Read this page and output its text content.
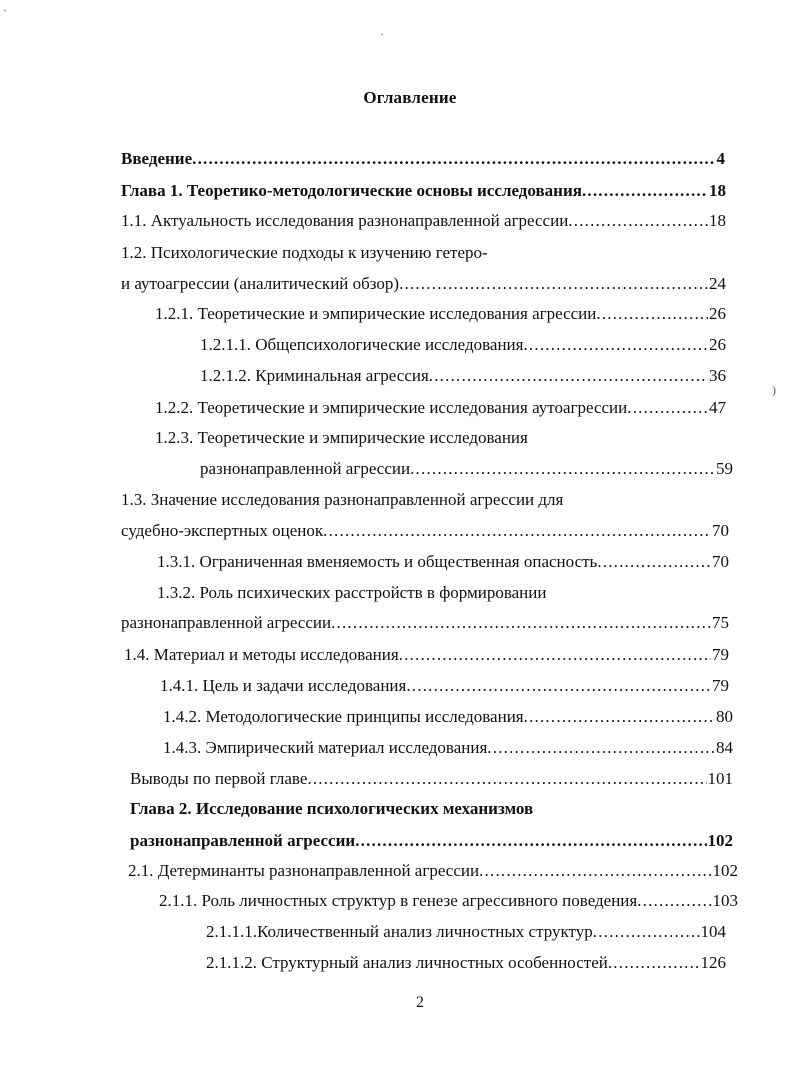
Оглавление
Введение .....	4
Глава 1. Теоретико-методологические основы исследования .....	18
1.1. Актуальность исследования разнонаправленной агрессии .....	18
1.2. Психологические подходы к изучению гетеро-
и аутоагрессии (аналитический обзор) .....	24
1.2.1. Теоретические и эмпирические исследования агрессии .....	26
1.2.1.1. Общепсихологические исследования .....	26
1.2.1.2. Криминальная агрессия .....	36
1.2.2. Теоретические и эмпирические исследования аутоагрессии .....	47
1.2.3. Теоретические и эмпирические исследования
разнонаправленной агрессии .....	59
1.3. Значение исследования разнонаправленной агрессии для
судебно-экспертных оценок .....	70
1.3.1. Ограниченная вменяемость и общественная опасность .....	70
1.3.2. Роль психических расстройств в формировании
разнонаправленной агрессии .....	75
1.4. Материал и методы исследования .....	79
1.4.1. Цель и задачи исследования .....	79
1.4.2. Методологические принципы исследования .....	80
1.4.3. Эмпирический материал исследования .....	84
Выводы по первой главе .....	101
Глава 2. Исследование психологических механизмов
разнонаправленной агрессии .....	102
2.1. Детерминанты разнонаправленной агрессии .....	102
2.1.1. Роль личностных структур в генезе агрессивного поведения .....	103
2.1.1.1.Количественный анализ личностных структур .....	104
2.1.1.2. Структурный анализ личностных особенностей .....	126
2
`
`
)
